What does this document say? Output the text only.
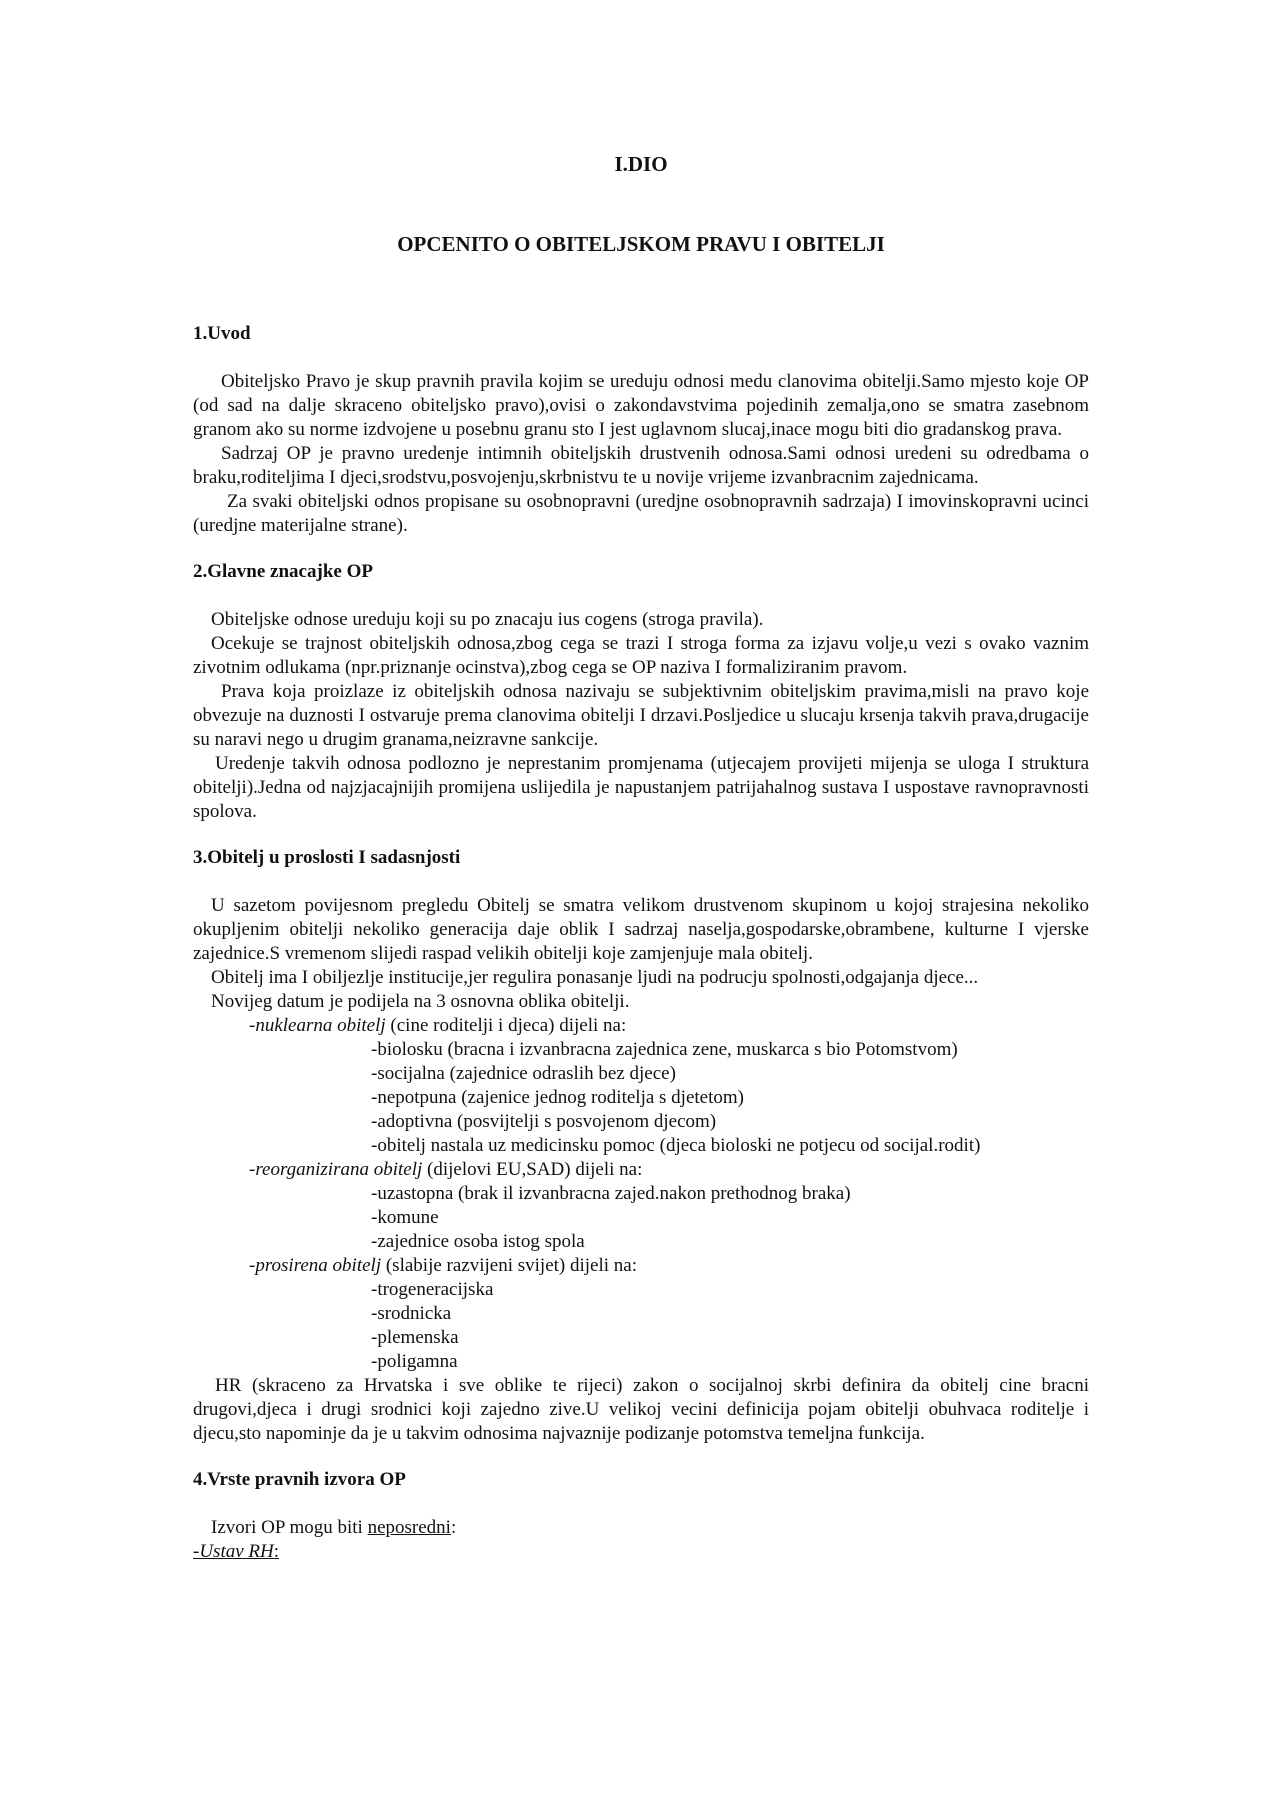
I.DIO
OPCENITO O OBITELJSKOM PRAVU I OBITELJI
1.Uvod

Obiteljsko Pravo je skup pravnih pravila kojim se ureduju odnosi medu clanovima obitelji.Samo mjesto koje OP (od sad na dalje skraceno obiteljsko pravo),ovisi o zakondavstvima pojedinih zemalja,ono se smatra zasebnom granom ako su norme izdvojene u posebnu granu sto I jest uglavnom slucaj,inace mogu biti dio gradanskog prava.

Sadrzaj OP je pravno uredenje intimnih obiteljskih drustvenih odnosa.Sami odnosi uredeni su odredbama o braku,roditeljima I djeci,srodstvu,posvojenju,skrbnistvu te u novije vrijeme izvanbracnim zajednicama.

Za svaki obiteljski odnos propisane su osobnopravni (uredjne osobnopravnih sadrzaja) I imovinskopravni ucinci (uredjne materijalne strane).

2.Glavne znacajke OP

Obiteljske odnose ureduju koji su po znacaju ius cogens (stroga pravila).

Ocekuje se trajnost obiteljskih odnosa,zbog cega se trazi I stroga forma za izjavu volje,u vezi s ovako vaznim zivotnim odlukama (npr.priznanje ocinstva),zbog cega se OP naziva I formaliziranim pravom.

Prava koja proizlaze iz obiteljskih odnosa nazivaju se subjektivnim obiteljskim pravima,misli na pravo koje obvezuje na duznosti I ostvaruje prema clanovima obitelji I drzavi.Posljedice u slucaju krsenja takvih prava,drugacije su naravi nego u drugim granama,neizravne sankcije.

Uredenje takvih odnosa podlozno je neprestanim promjenama (utjecajem provijeti mijenja se uloga I struktura obitelji).Jedna od najzjacajnijih promijena uslijedila je napustanjem patrijahalnog sustava I uspostave ravnopravnosti spolova.

3.Obitelj u proslosti I sadasnjosti

U sazetom povijesnom pregledu Obitelj se smatra velikom drustvenom skupinom u kojoj strajesina nekoliko okupljenim obitelji nekoliko generacija daje oblik I sadrzaj naselja,gospodarske,obrambene, kulturne I vjerske zajednice.S vremenom slijedi raspad velikih obitelji koje zamjenjuje mala obitelj.

Obitelj ima I obiljezlje institucije,jer regulira ponasanje ljudi na podrucju spolnosti,odgajanja djece...

Novijeg datum je podijela na 3 osnovna oblika obitelji.

-nuklearna obitelj (cine roditelji i djeca) dijeli na:

-biolosku (bracna i izvanbracna zajednica zene, muskarca s bio Potomstvom)

-socijalna (zajednice odraslih bez djece)

-nepotpuna (zajenice jednog roditelja s djetetom)

-adoptivna (posvijtelji s posvojenom djecom)

-obitelj nastala uz medicinsku pomoc (djeca bioloski ne potjecu od socijal.rodit)

-reorganizirana obitelj (dijelovi EU,SAD) dijeli na:

-uzastopna (brak il izvanbracna zajed.nakon prethodnog braka)

-komune

-zajednice osoba istog spola

-prosirena obitelj (slabije razvijeni svijet) dijeli na:

-trogeneracijska

-srodnicka

-plemenska

-poligamna

HR (skraceno za Hrvatska i sve oblike te rijeci) zakon o socijalnoj skrbi definira da obitelj cine bracni drugovi,djeca i drugi srodnici koji zajedno zive.U velikoj vecini definicija pojam obitelji obuhvaca roditelje i djecu,sto napominje da je u takvim odnosima najvaznije podizanje potomstva temeljna funkcija.

4.Vrste pravnih izvora OP

Izvori OP mogu biti neposredni:

-Ustav RH:
